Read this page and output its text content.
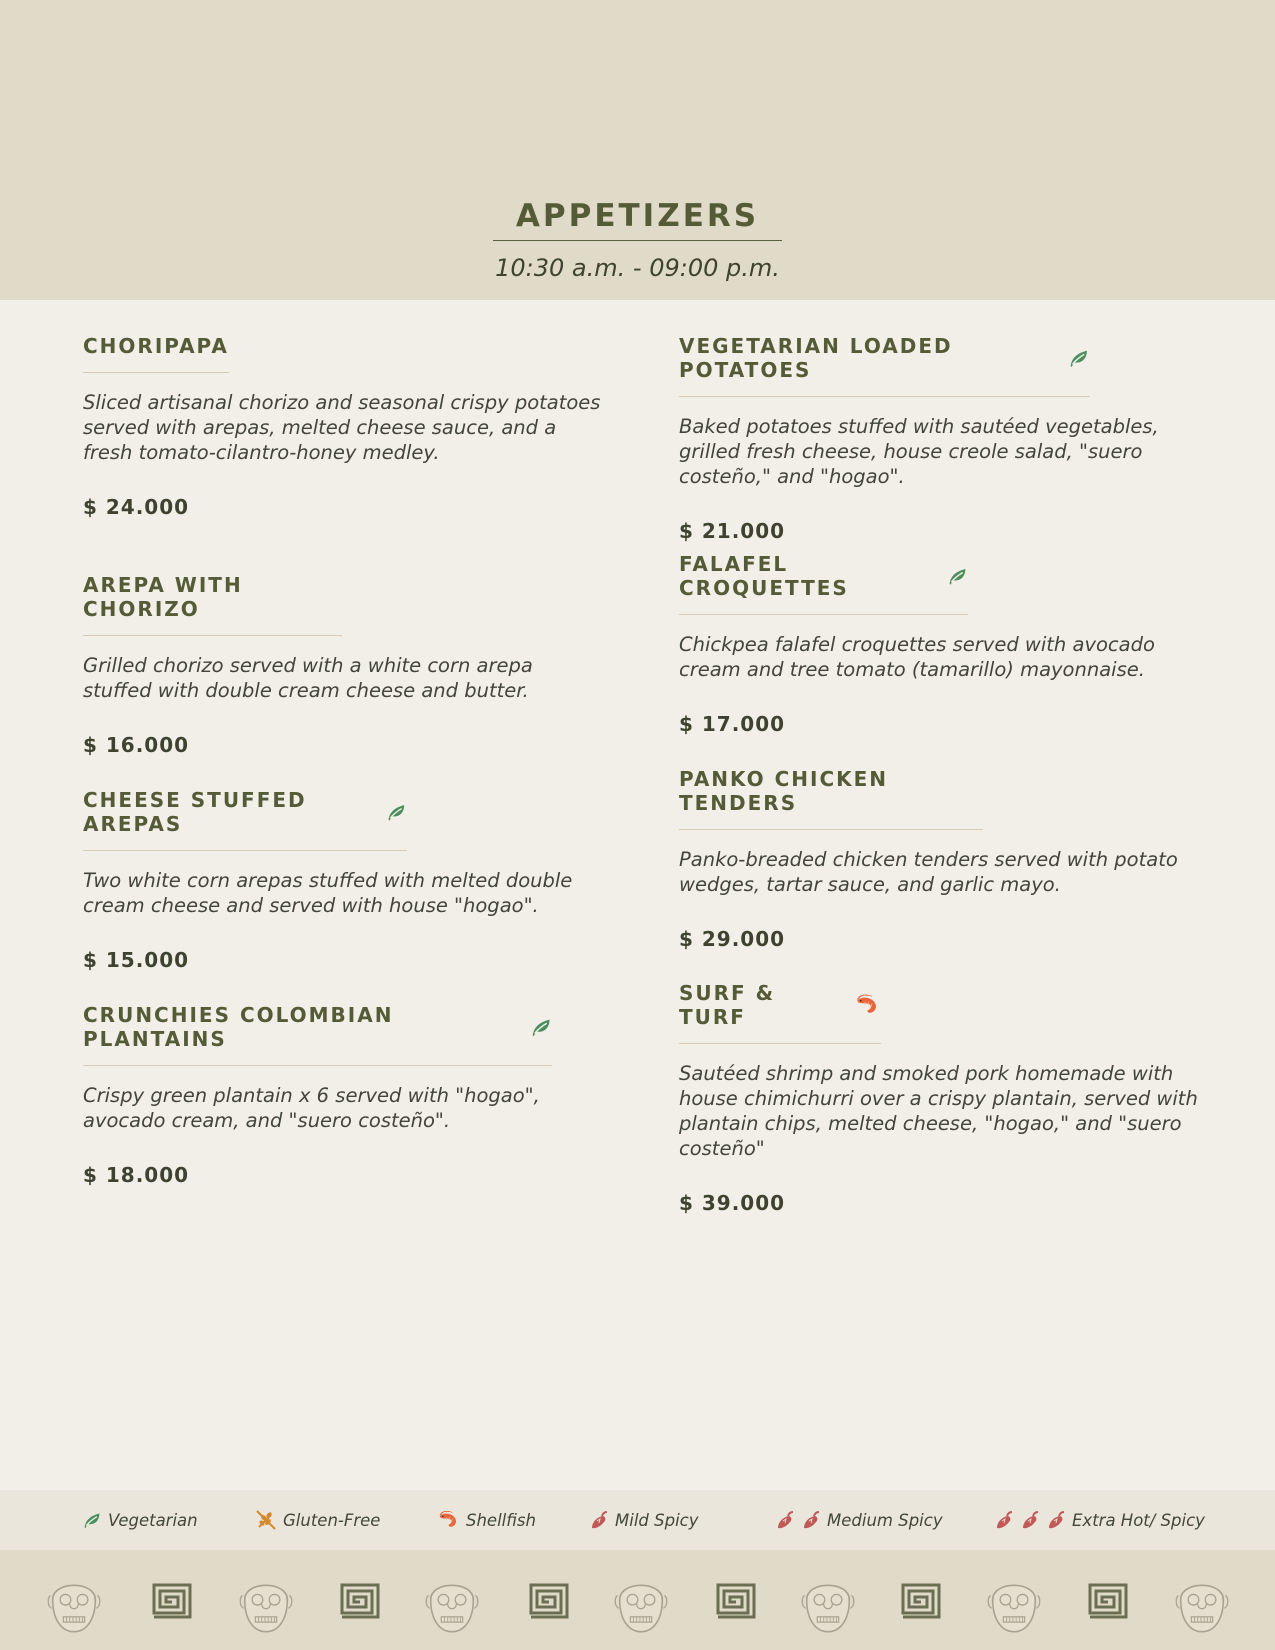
APPETIZERS
10:30 a.m. - 09:00 p.m.
CHORIPAPA
Sliced artisanal chorizo and seasonal crispy potatoes served with arepas, melted cheese sauce, and a fresh tomato-cilantro-honey medley.
$ 24.000
AREPA WITH CHORIZO
Grilled chorizo served with a white corn arepa stuffed with double cream cheese and butter.
$ 16.000
CHEESE STUFFED AREPAS
Two white corn arepas stuffed with melted double cream cheese and served with house "hogao".
$ 15.000
CRUNCHIES COLOMBIAN PLANTAINS
Crispy green plantain x 6 served with "hogao", avocado cream, and "suero costeño".
$ 18.000
VEGETARIAN LOADED POTATOES
Baked potatoes stuffed with sautéed vegetables, grilled fresh cheese, house creole salad, "suero costeño," and "hogao".
$ 21.000
FALAFEL CROQUETTES
Chickpea falafel croquettes served with avocado cream and tree tomato (tamarillo) mayonnaise.
$ 17.000
PANKO CHICKEN TENDERS
Panko-breaded chicken tenders served with potato wedges, tartar sauce, and garlic mayo.
$ 29.000
SURF & TURF
Sautéed shrimp and smoked pork homemade with house chimichurri over a crispy plantain, served with plantain chips, melted cheese, "hogao," and "suero costeño"
$ 39.000
Vegetarian	Gluten-Free	Shellfish	Mild Spicy	Medium Spicy	Extra Hot/ Spicy
